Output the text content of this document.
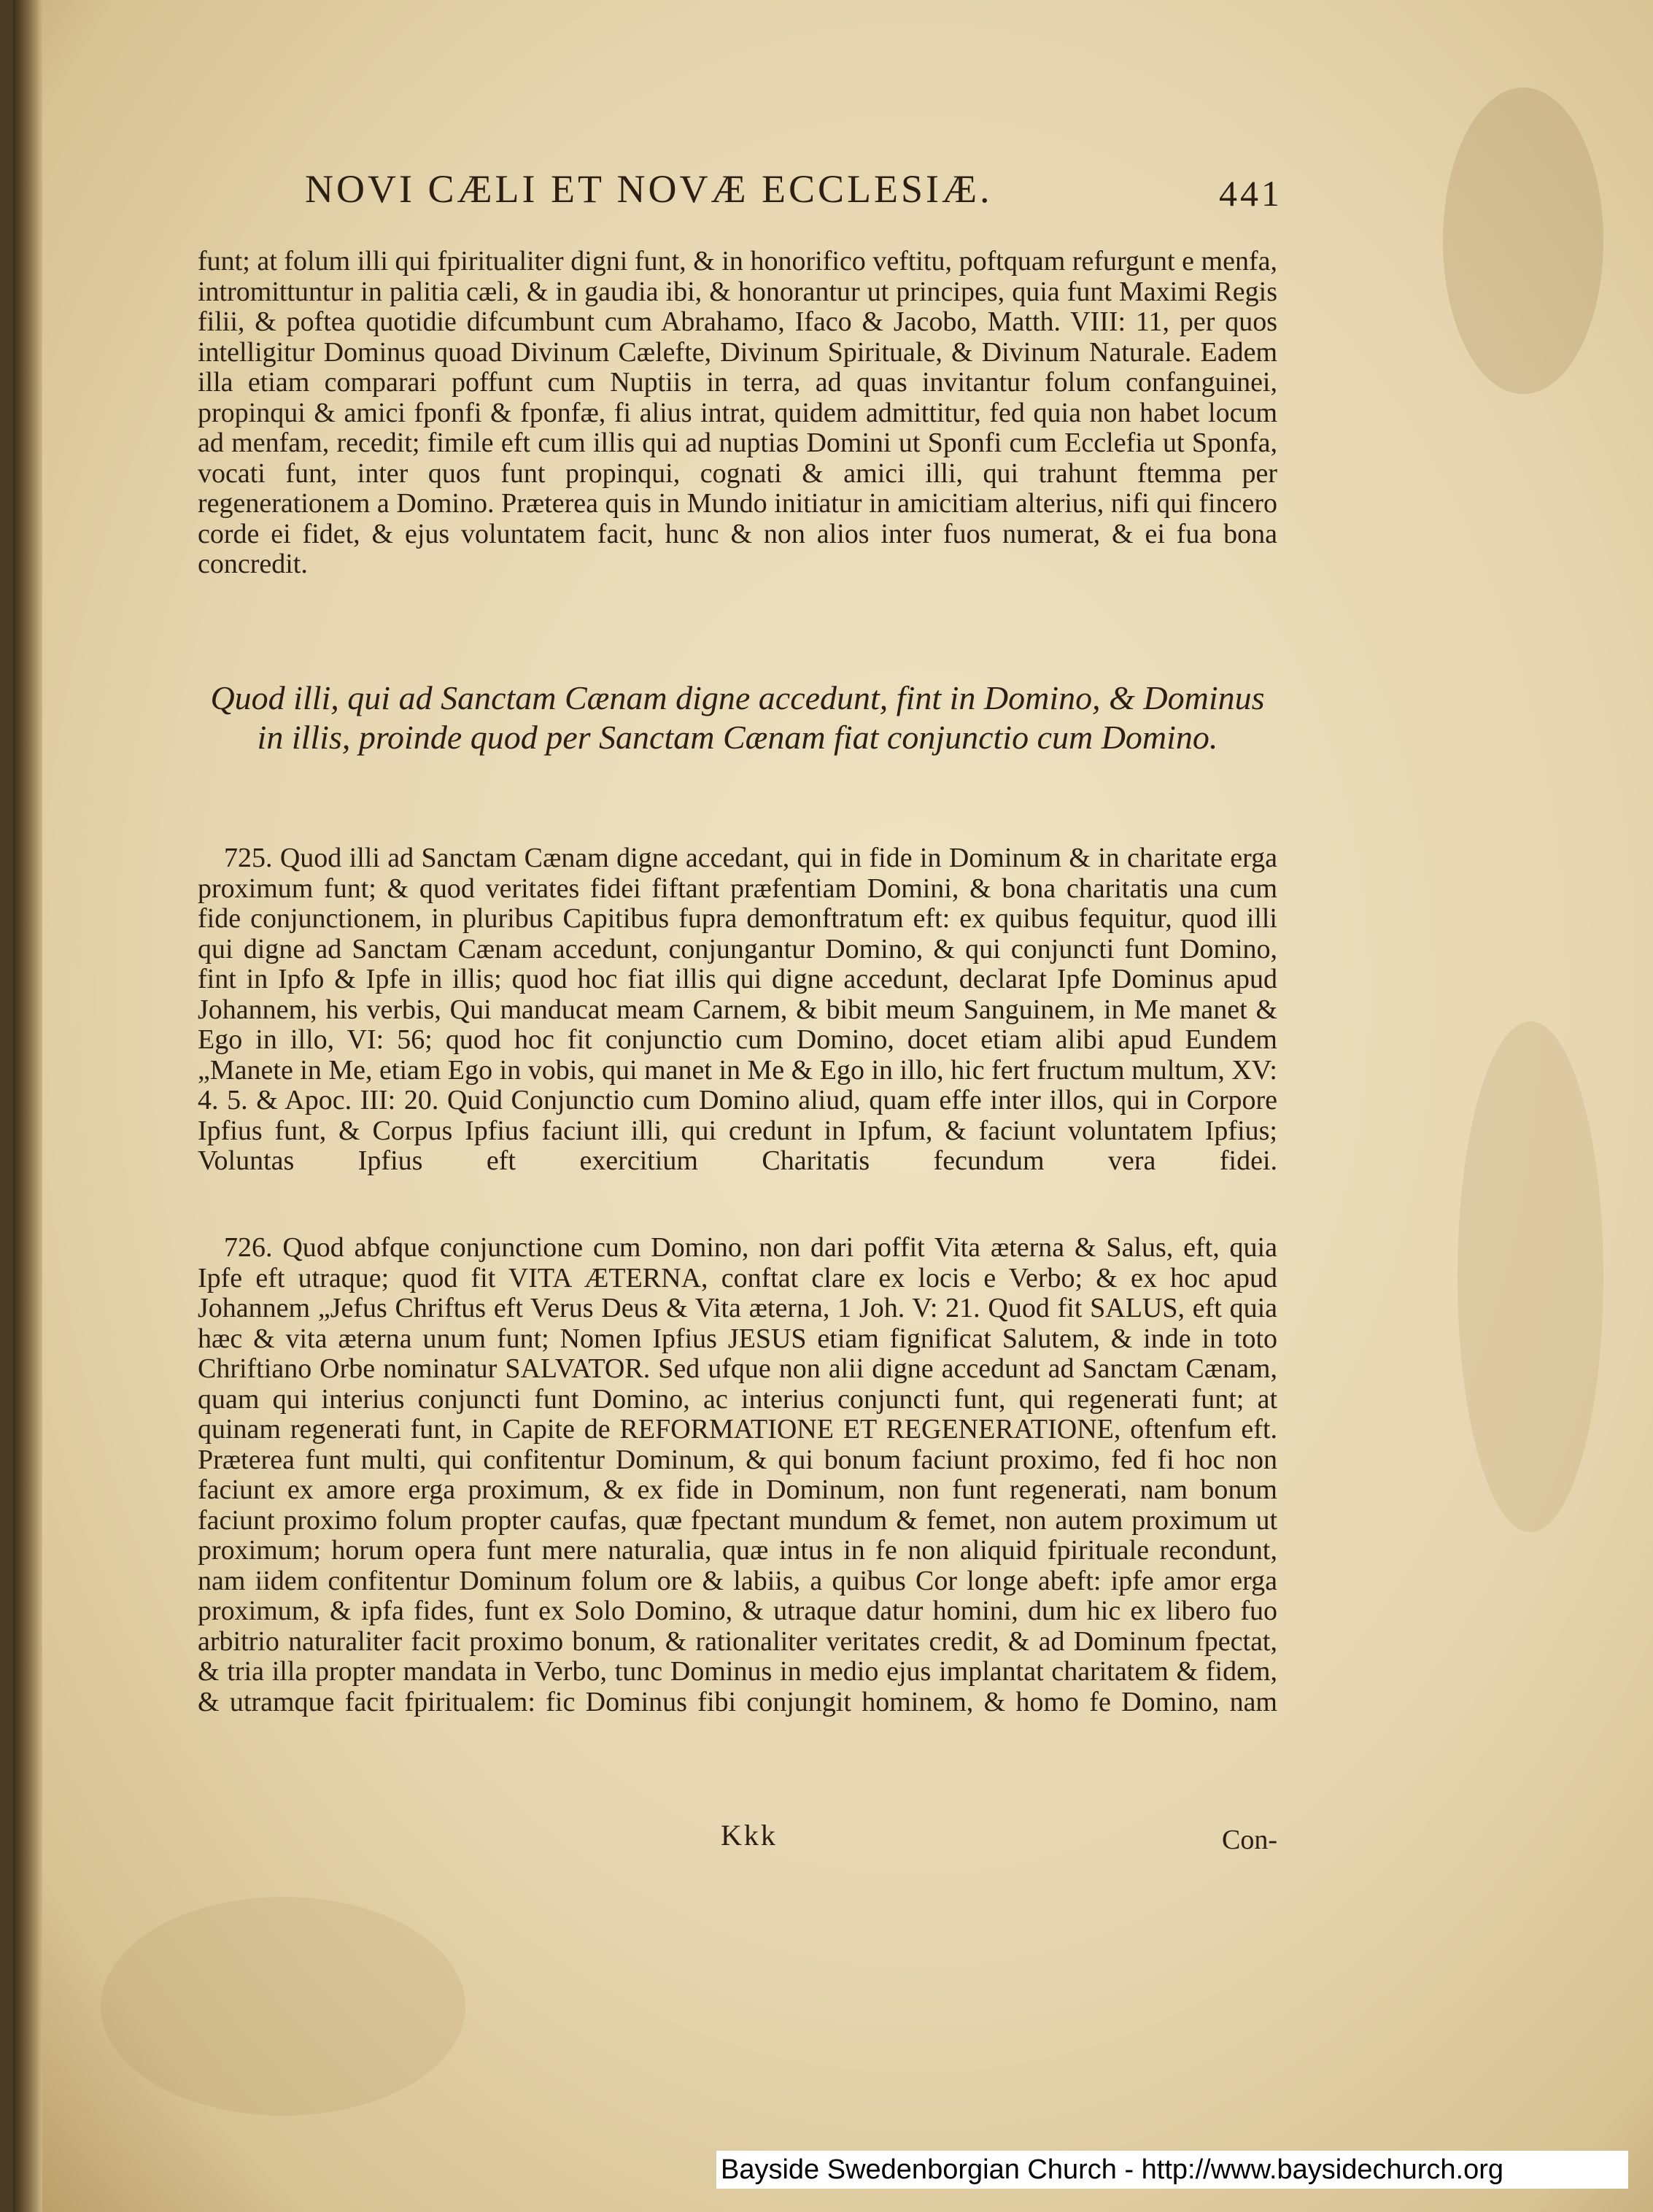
NOVI CÆLI ET NOVÆ ECCLESIÆ.	441
funt; at folum illi qui fpiritualiter digni funt, & in honorifico veftitu, poftquam refurgunt e menfa, intromittuntur in palitia cæli, & in gaudia ibi, & honorantur ut principes, quia funt Maximi Regis filii, & poftea quotidie difcumbunt cum Abrahamo, Ifaco & Jacobo, Matth. VIII: 11, per quos intelligitur Dominus quoad Divinum Cælefte, Divinum Spirituale, & Divinum Naturale. Eadem illa etiam comparari poffunt cum Nuptiis in terra, ad quas invitantur folum confanguinei, propinqui & amici fponfi & fponfæ, fi alius intrat, quidem admittitur, fed quia non habet locum ad menfam, recedit; fimile eft cum illis qui ad nuptias Domini ut Sponfi cum Ecclefia ut Sponfa, vocati funt, inter quos funt propinqui, cognati & amici illi, qui trahunt ftemma per regenerationem a Domino. Præterea quis in Mundo initiatur in amicitiam alterius, nifi qui fincero corde ei fidet, & ejus voluntatem facit, hunc & non alios inter fuos numerat, & ei fua bona concredit.
Quod illi, qui ad Sanctam Cænam digne accedunt, fint in Domino, & Dominus in illis, proinde quod per Sanctam Cænam fiat conjunctio cum Domino.
725. Quod illi ad Sanctam Cænam digne accedant, qui in fide in Dominum & in charitate erga proximum funt; & quod veritates fidei fiftant præfentiam Domini, & bona charitatis una cum fide conjunctionem, in pluribus Capitibus fupra demonftratum eft: ex quibus fequitur, quod illi qui digne ad Sanctam Cænam accedunt, conjungantur Domino, & qui conjuncti funt Domino, fint in Ipfo & Ipfe in illis; quod hoc fiat illis qui digne accedunt, declarat Ipfe Dominus apud Johannem, his verbis, Qui manducat meam Carnem, & bibit meum Sanguinem, in Me manet & Ego in illo, VI: 56; quod hoc fit conjunctio cum Domino, docet etiam alibi apud Eundem „Manete in Me, etiam Ego in vobis, qui manet in Me & Ego in illo, hic fert fructum multum, XV: 4. 5. & Apoc. III: 20. Quid Conjunctio cum Domino aliud, quam effe inter illos, qui in Corpore Ipfius funt, & Corpus Ipfius faciunt illi, qui credunt in Ipfum, & faciunt voluntatem Ipfius; Voluntas Ipfius eft exercitium Charitatis fecundum vera fidei.
726. Quod abfque conjunctione cum Domino, non dari poffit Vita æterna & Salus, eft, quia Ipfe eft utraque; quod fit VITA ÆTERNA, conftat clare ex locis e Verbo; & ex hoc apud Johannem „Jefus Chriftus eft Verus Deus & Vita æterna, 1 Joh. V: 21. Quod fit SALUS, eft quia hæc & vita æterna unum funt; Nomen Ipfius JESUS etiam fignificat Salutem, & inde in toto Chriftiano Orbe nominatur SALVATOR. Sed ufque non alii digne accedunt ad Sanctam Cænam, quam qui interius conjuncti funt Domino, ac interius conjuncti funt, qui regenerati funt; at quinam regenerati funt, in Capite de REFORMATIONE ET REGENERATIONE, oftenfum eft. Præterea funt multi, qui confitentur Dominum, & qui bonum faciunt proximo, fed fi hoc non faciunt ex amore erga proximum, & ex fide in Dominum, non funt regenerati, nam bonum faciunt proximo folum propter caufas, quæ fpectant mundum & femet, non autem proximum ut proximum; horum opera funt mere naturalia, quæ intus in fe non aliquid fpirituale recondunt, nam iidem confitentur Dominum folum ore & labiis, a quibus Cor longe abeft: ipfe amor erga proximum, & ipfa fides, funt ex Solo Domino, & utraque datur homini, dum hic ex libero fuo arbitrio naturaliter facit proximo bonum, & rationaliter veritates credit, & ad Dominum fpectat, & tria illa propter mandata in Verbo, tunc Dominus in medio ejus implantat charitatem & fidem, & utramque facit fpiritualem: fic Dominus fibi conjungit hominem, & homo fe Domino, nam
Kkk	Con-
Bayside Swedenborgian Church - http://www.baysidechurch.org
